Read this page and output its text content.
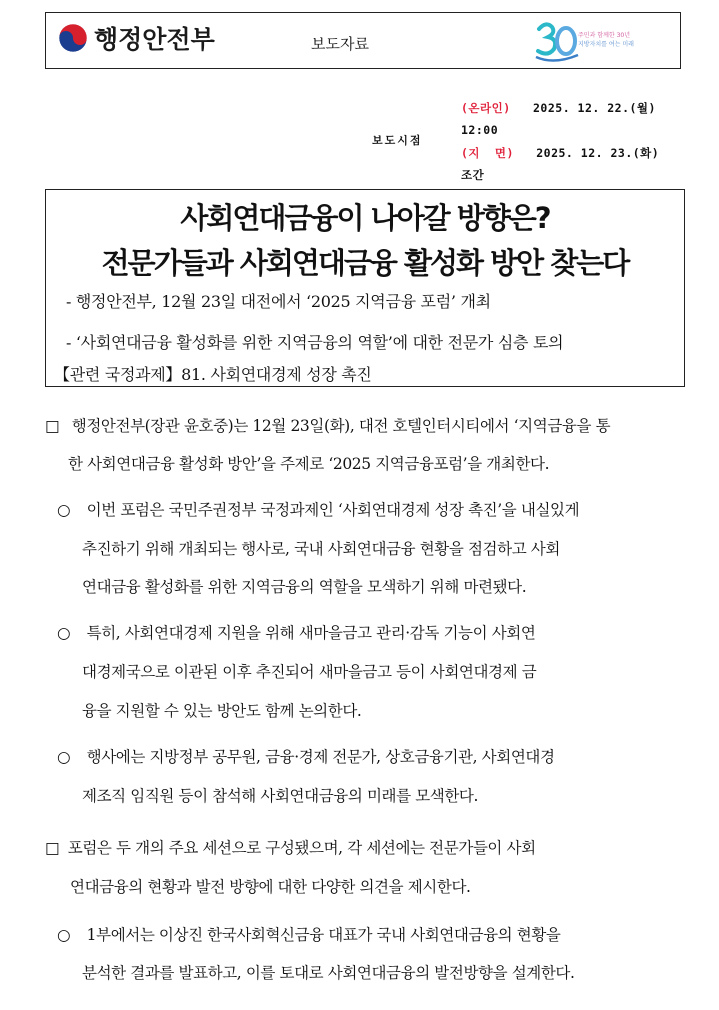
행정안전부	보도자료	주민과 함께한 30년
지방자치를 여는 미래
보도시점
(온라인) 2025. 12. 22.(월)
12:00
(지  면) 2025. 12. 23.(화)
조간
사회연대금융이 나아갈 방향은?
전문가들과 사회연대금융 활성화 방안 찾는다
- 행정안전부, 12월 23일 대전에서 ‘2025 지역금융 포럼’ 개최
- ‘사회연대금융 활성화를 위한 지역금융의 역할’에 대한 전문가 심층 토의
【관련 국정과제】81. 사회연대경제 성장 촉진
□ 행정안전부(장관 윤호중)는 12월 23일(화), 대전 호텔인터시티에서 ‘지역금융을 통
한 사회연대금융 활성화 방안’을 주제로 ‘2025 지역금융포럼’을 개최한다.
○ 이번 포럼은 국민주권정부 국정과제인 ‘사회연대경제 성장 촉진’을 내실있게
추진하기 위해 개최되는 행사로, 국내 사회연대금융 현황을 점검하고 사회
연대금융 활성화를 위한 지역금융의 역할을 모색하기 위해 마련됐다.
○ 특히, 사회연대경제 지원을 위해 새마을금고 관리·감독 기능이 사회연
대경제국으로 이관된 이후 추진되어 새마을금고 등이 사회연대경제 금
융을 지원할 수 있는 방안도 함께 논의한다.
○ 행사에는 지방정부 공무원, 금융·경제 전문가, 상호금융기관, 사회연대경
제조직 임직원 등이 참석해 사회연대금융의 미래를 모색한다.
□ 포럼은 두 개의 주요 세션으로 구성됐으며, 각 세션에는 전문가들이 사회
연대금융의 현황과 발전 방향에 대한 다양한 의견을 제시한다.
○ 1부에서는 이상진 한국사회혁신금융 대표가 국내 사회연대금융의 현황을
분석한 결과를 발표하고, 이를 토대로 사회연대금융의 발전방향을 설계한다.
